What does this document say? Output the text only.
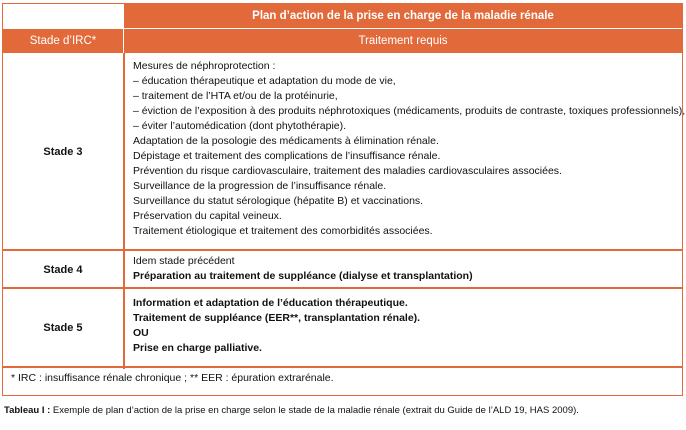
Plan d’action de la prise en charge de la maladie rénale
Stade d’IRC*	Traitement requis
Stade 3
Mesures de néphroprotection :
– éducation thérapeutique et adaptation du mode de vie,
– traitement de l’HTA et/ou de la protéinurie,
– éviction de l’exposition à des produits néphrotoxiques (médicaments, produits de contraste, toxiques professionnels),
– éviter l’automédication (dont phytothérapie).
Adaptation de la posologie des médicaments à élimination rénale.
Dépistage et traitement des complications de l’insuffisance rénale.
Prévention du risque cardiovasculaire, traitement des maladies cardiovasculaires associées.
Surveillance de la progression de l’insuffisance rénale.
Surveillance du statut sérologique (hépatite B) et vaccinations.
Préservation du capital veineux.
Traitement étiologique et traitement des comorbidités associées.
Stade 4
Idem stade précédent
Préparation au traitement de suppléance (dialyse et transplantation)
Stade 5
Information et adaptation de l’éducation thérapeutique.
Traitement de suppléance (EER**, transplantation rénale).
OU
Prise en charge palliative.
* IRC : insuffisance rénale chronique ; ** EER : épuration extrarénale.
Tableau I : Exemple de plan d’action de la prise en charge selon le stade de la maladie rénale (extrait du Guide de l’ALD 19, HAS 2009).
